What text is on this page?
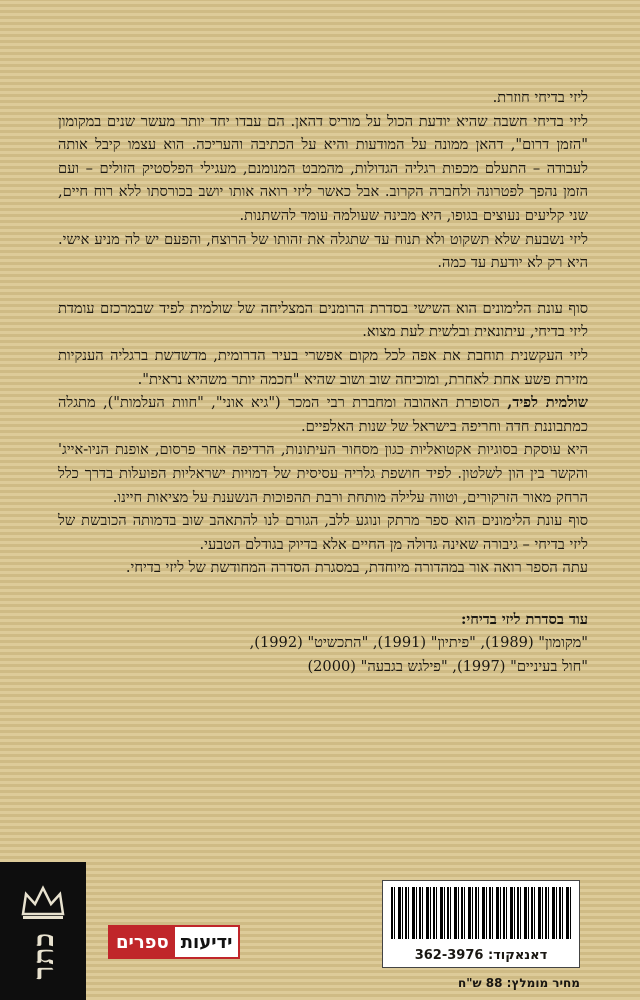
ליזי בדיחי חוזרת.

ליזי בדיחי חשבה שהיא יודעת הכול על מוריס דהאן. הם עבדו יחד יותר מעשר שנים במקומון "הזמן דרום", דהאן ממונה על המודעות והיא על הכתיבה והעריכה. הוא עצמו קיבל אותה לעבודה – התעלם מכפות רגליה הגדולות, מהמבט המנומנם, מעגילי הפלסטיק הזולים – ועם הזמן נהפך לפטרונה ולחברה הקרוב. אבל כאשר ליזי רואה אותו יושב בכורסתו ללא רוח חיים, שני קליעים נעוצים בגופו, היא מבינה שעולמה עומד להשתנות.

ליזי נשבעת שלא תשקוט ולא תנוח עד שתגלה את זהותו של הרוצח, והפעם יש לה מניע אישי. היא רק לא יודעת עד כמה.

סוף עונת הלימונים הוא השישי בסדרת הרומנים המצליחה של שולמית לפיד שבמרכזם עומדת ליזי בדיחי, עיתונאית ובלשית לעת מצוא.

ליזי העקשנית תוחבת את אפה לכל מקום אפשרי בעיר הדרומית, מדשדשת ברגליה הענקיות מזירת פשע אחת לאחרת, ומוכיחה שוב ושוב שהיא "חכמה יותר משהיא נראית".

שולמית לפיד, הסופרת האהובה ומחברת רבי המכר ("גיא אוני", "חוות העלמות"), מתגלה כמתבוננת חדה וחריפה בישראל של שנות האלפיים.

היא עוסקת בסוגיות אקטואליות כגון מסחור העיתונות, הרדיפה אחר פרסום, אופנת הניו-אייג' והקשר בין הון לשלטון. לפיד חושפת גלריה עסיסית של דמויות ישראליות הפועלות בדרך כלל הרחק מאור הזרקורים, וטווה עלילה מותחת ורבת תהפוכות הנשענת על מציאות חיינו.

סוף עונת הלימונים הוא ספר מרתק ונוגע ללב, הגורם לנו להתאהב שוב בדמותה הכובשת של ליזי בדיחי – גיבורה שאינה גדולה מן החיים אלא בדיוק בגודלם הטבעי.

עתה הספר רואה אור במהדורה מיוחדת, במסגרת הסדרה המחודשת של ליזי בדיחי.

עוד בסדרת ליזי בדיחי:

"מקומון" (1989), "פיתיון" (1991), "התכשיט" (1992),

"חול בעיניים" (1997), "פילגש בגבעה" (2000)

כתר	ידיעות
ספרים
דאנאקוד: 362-3976
מחיר מומלץ: 88 ש"ח
